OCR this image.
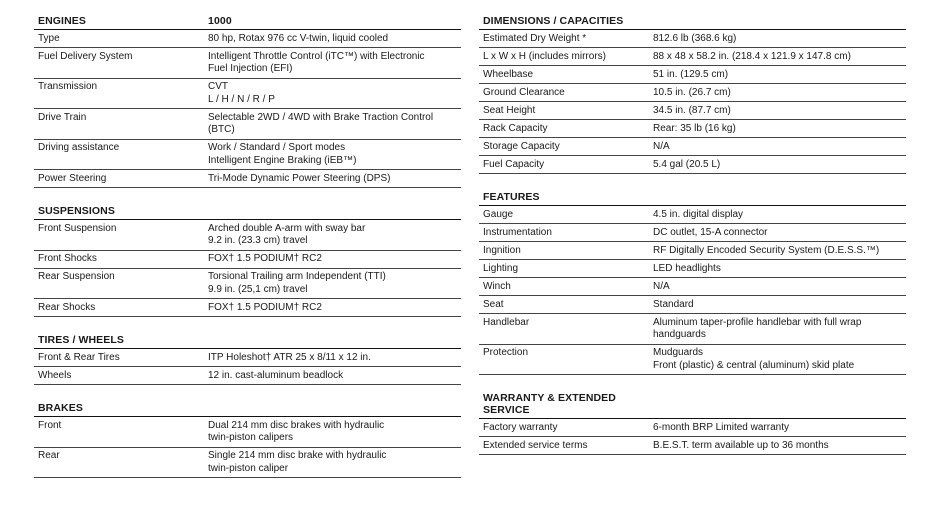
ENGINES	1000
Type	80 hp, Rotax 976 cc V-twin, liquid cooled
Fuel Delivery System	Intelligent Throttle Control (iTC™) with Electronic
Fuel Injection (EFI)
Transmission	CVT
L / H / N / R / P
Drive Train	Selectable 2WD / 4WD with Brake Traction Control
(BTC)
Driving assistance	Work / Standard / Sport modes
Intelligent Engine Braking (iEB™)
Power Steering	Tri-Mode Dynamic Power Steering (DPS)
SUSPENSIONS
Front Suspension	Arched double A-arm with sway bar
9.2 in. (23.3 cm) travel
Front Shocks	FOX† 1.5 PODIUM† RC2
Rear Suspension	Torsional Trailing arm Independent (TTI)
9.9 in. (25,1 cm) travel
Rear Shocks	FOX† 1.5 PODIUM† RC2
TIRES / WHEELS
Front & Rear Tires	ITP Holeshot† ATR 25 x 8/11 x 12 in.
Wheels	12 in. cast-aluminum beadlock
BRAKES
Front	Dual 214 mm disc brakes with hydraulic
twin-piston calipers
Rear	Single 214 mm disc brake with hydraulic
twin-piston caliper
DIMENSIONS / CAPACITIES
Estimated Dry Weight *	812.6 lb (368.6 kg)
L x W x H (includes mirrors)	88 x 48 x 58.2 in. (218.4 x 121.9 x 147.8 cm)
Wheelbase	51 in. (129.5 cm)
Ground Clearance	10.5 in. (26.7 cm)
Seat Height	34.5 in. (87.7 cm)
Rack Capacity	Rear: 35 lb (16 kg)
Storage Capacity	N/A
Fuel Capacity	5.4 gal (20.5 L)
FEATURES
Gauge	4.5 in. digital display
Instrumentation	DC outlet, 15-A connector
Ingnition	RF Digitally Encoded Security System (D.E.S.S.™)
Lighting	LED headlights
Winch	N/A
Seat	Standard
Handlebar	Aluminum taper-profile handlebar with full wrap
handguards
Protection	Mudguards
Front (plastic) & central (aluminum) skid plate
WARRANTY & EXTENDED SERVICE
Factory warranty	6-month BRP Limited warranty
Extended service terms	B.E.S.T. term available up to 36 months
